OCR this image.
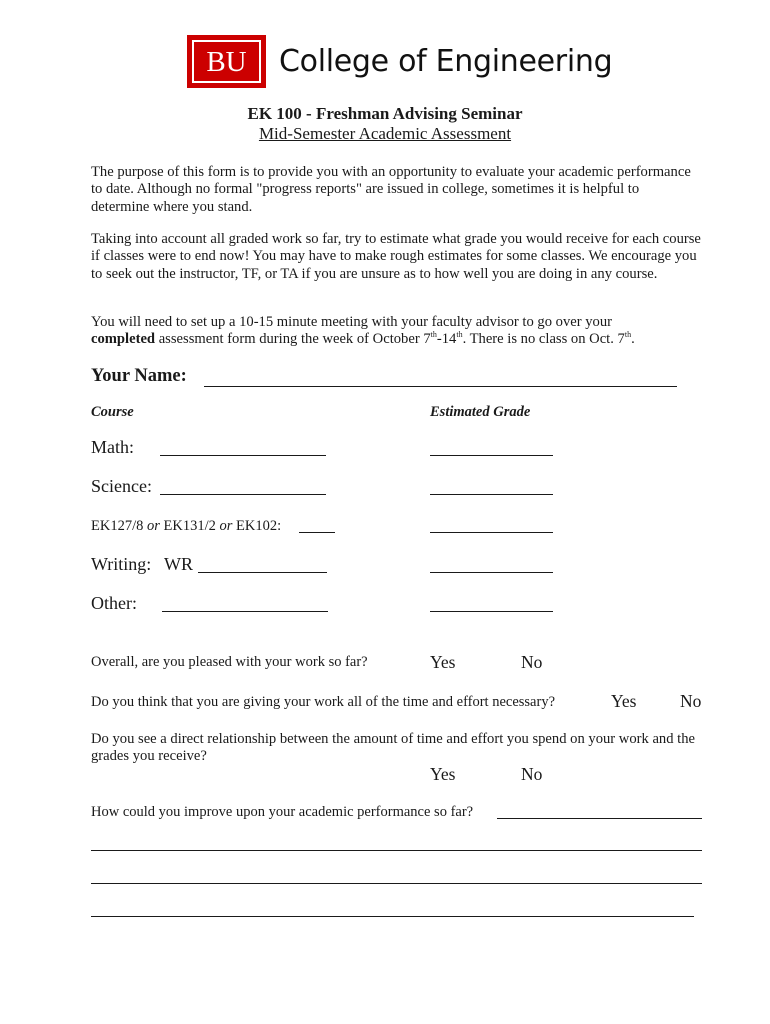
BU College of Engineering
EK 100 - Freshman Advising Seminar
Mid-Semester Academic Assessment
The purpose of this form is to provide you with an opportunity to evaluate your academic performance to date. Although no formal "progress reports" are issued in college, sometimes it is helpful to determine where you stand.
Taking into account all graded work so far, try to estimate what grade you would receive for each course if classes were to end now! You may have to make rough estimates for some classes. We encourage you to seek out the instructor, TF, or TA if you are unsure as to how well you are doing in any course.
You will need to set up a 10-15 minute meeting with your faculty advisor to go over your
completed assessment form during the week of October 7th-14th. There is no class on Oct. 7th.
Your Name:
Course	Estimated Grade
Math:
Science:
EK127/8 or EK131/2 or EK102:
Writing: WR
Other:
Overall, are you pleased with your work so far?	Yes	No
Do you think that you are giving your work all of the time and effort necessary?	Yes No
Do you see a direct relationship between the amount of time and effort you spend on your work and the grades you receive?
Yes	No
How could you improve upon your academic performance so far?
